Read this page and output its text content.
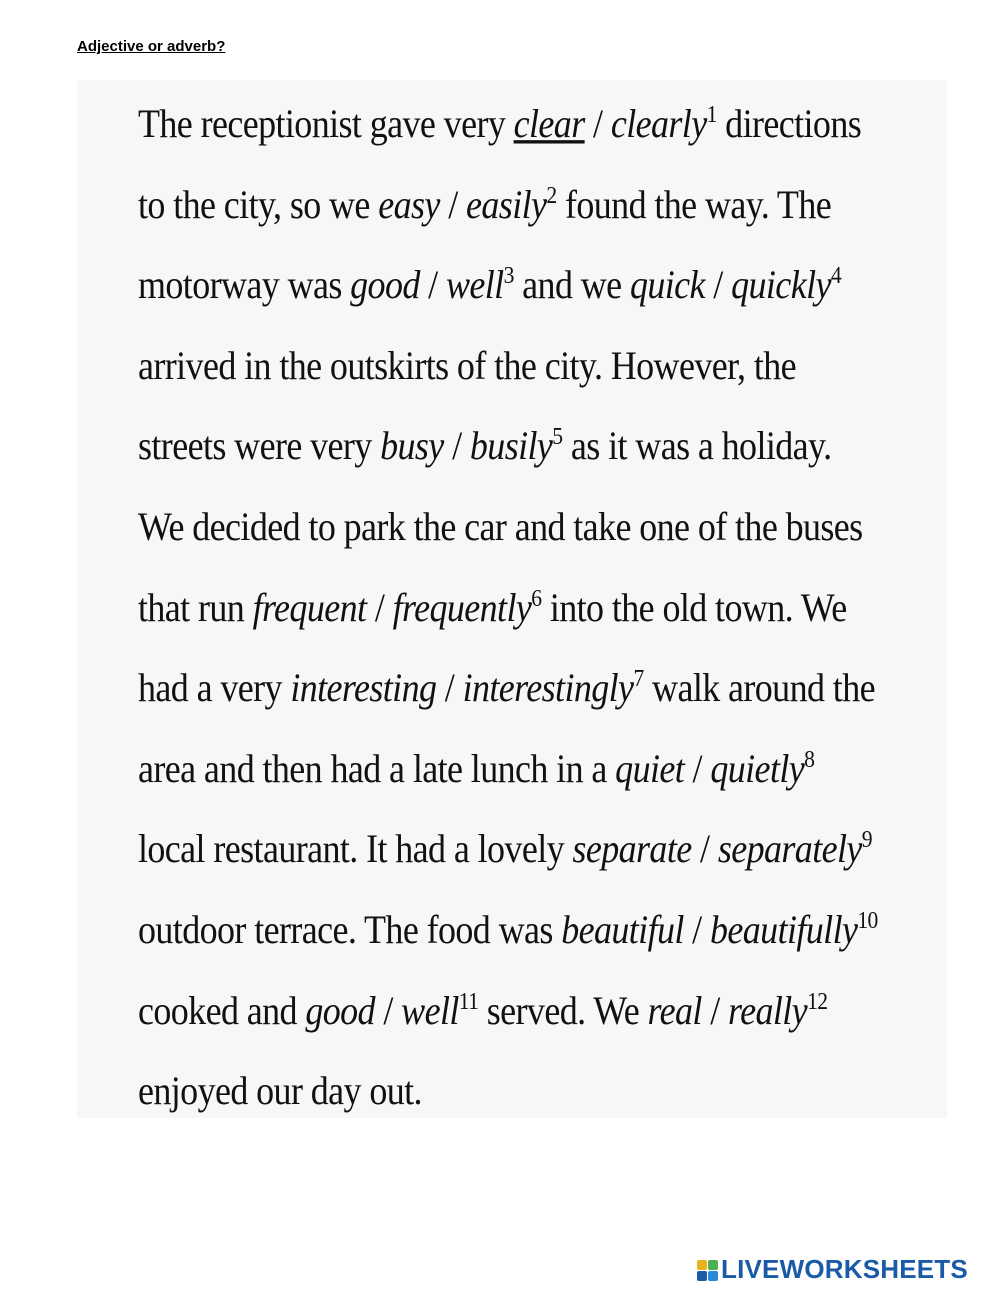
Adjective or adverb?
The receptionist gave very clear / clearly$^1$ directions
to the city, so we easy / easily$^2$ found the way. The
motorway was good / well$^3$ and we quick / quickly$^4$
arrived in the outskirts of the city. However, the
streets were very busy / busily$^5$ as it was a holiday.
We decided to park the car and take one of the buses
that run frequent / frequently$^6$ into the old town. We
had a very interesting / interestingly$^7$ walk around the
area and then had a late lunch in a quiet / quietly$^8$
local restaurant. It had a lovely separate / separately$^9$
outdoor terrace. The food was beautiful / beautifully$^{10}$
cooked and good / well$^{11}$ served. We real / really$^{12}$
enjoyed our day out.
LIVEWORKSHEETS
